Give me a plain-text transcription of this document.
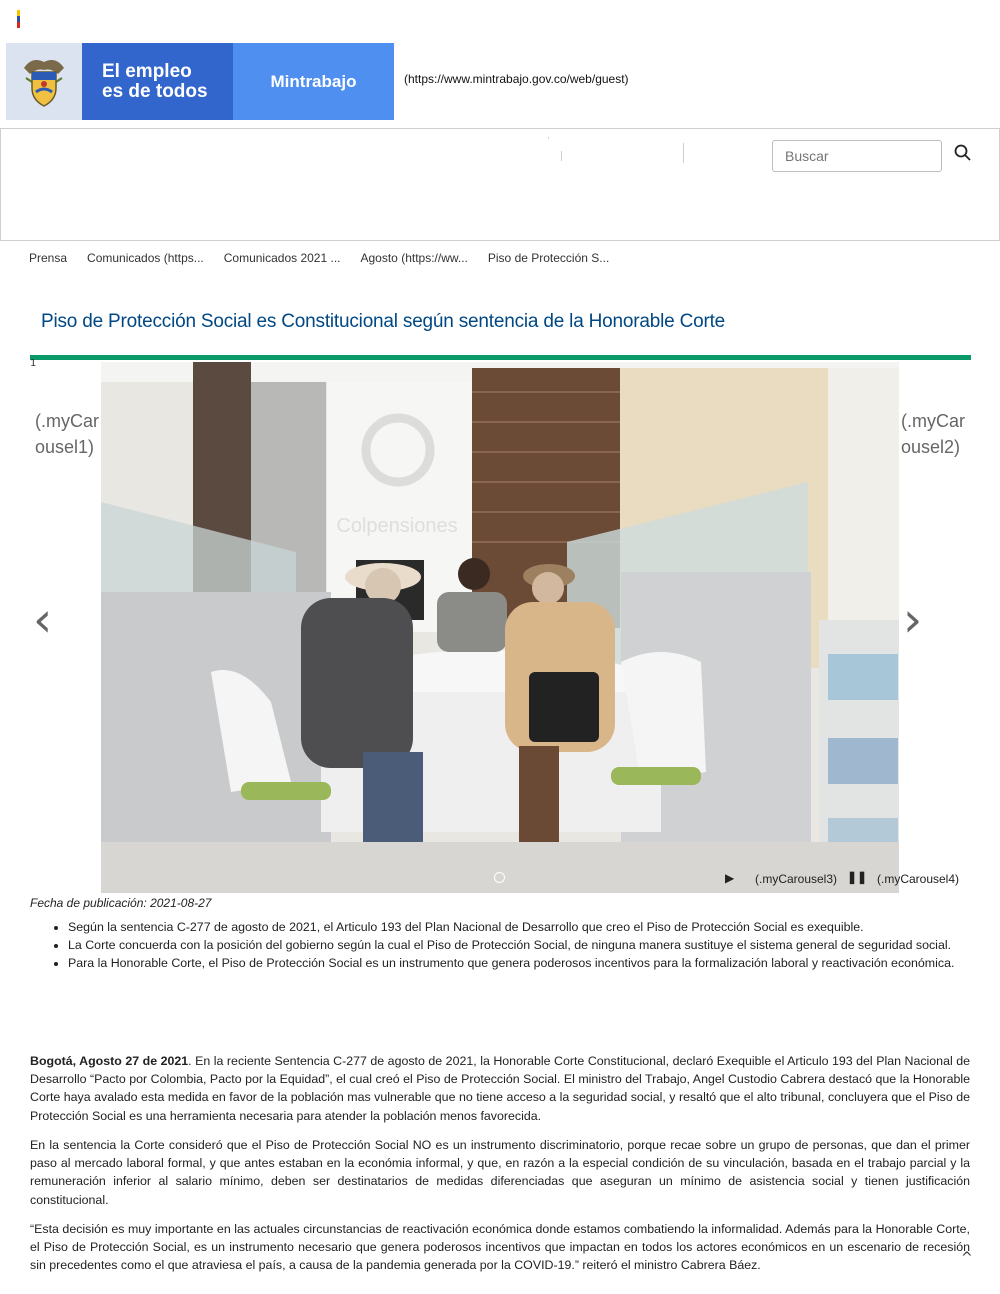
El empleo
es de todos	Mintrabajo	(https://www.mintrabajo.gov.co/web/guest)
Buscar
Prensa Comunicados (https... Comunicados 2021 ... Agosto (https://ww... Piso de Protección S...
Piso de Protección Social es Constitucional según sentencia de la Honorable Corte
1
Colpensiones
(.myCar
ousel1)
(.myCar
ousel2)
‹	›
▶ (.myCarousel3) ❚❚ (.myCarousel4)
Fecha de publicación: 2021-08-27
• Según la sentencia C-277 de agosto de 2021, el Articulo 193 del Plan Nacional de Desarrollo que creo el Piso de Protección Social es exequible.
• La Corte concuerda con la posición del gobierno según la cual el Piso de Protección Social, de ninguna manera sustituye el sistema general de seguridad social.
• Para la Honorable Corte, el Piso de Protección Social es un instrumento que genera poderosos incentivos para la formalización laboral y reactivación económica.

Bogotá, Agosto 27 de 2021. En la reciente Sentencia C-277 de agosto de 2021, la Honorable Corte Constitucional, declaró Exequible el Articulo 193 del Plan Nacional de Desarrollo “Pacto por Colombia, Pacto por la Equidad”, el cual creó el Piso de Protección Social. El ministro del Trabajo, Angel Custodio Cabrera destacó que la Honorable Corte haya avalado esta medida en favor de la población mas vulnerable que no tiene acceso a la seguridad social, y resaltó que el alto tribunal, concluyera que el Piso de Protección Social es una herramienta necesaria para atender la población menos favorecida.

En la sentencia la Corte consideró que el Piso de Protección Social NO es un instrumento discriminatorio, porque recae sobre un grupo de personas, que dan el primer paso al mercado laboral formal, y que antes estaban en la económia informal, y que, en razón a la especial condición de su vinculación, basada en el trabajo parcial y la remuneración inferior al salario mínimo, deben ser destinatarios de medidas diferenciadas que aseguran un mínimo de asistencia social y tienen justificación constitucional.

“Esta decisión es muy importante en las actuales circunstancias de reactivación económica donde estamos combatiendo la informalidad. Además para la Honorable Corte, el Piso de Protección Social, es un instrumento necesario que genera poderosos incentivos que impactan en todos los actores económicos en un escenario de recesión sin precedentes como el que atraviesa el país, a causa de la pandemia generada por la COVID-19.” reiteró el ministro Cabrera Báez.	^
